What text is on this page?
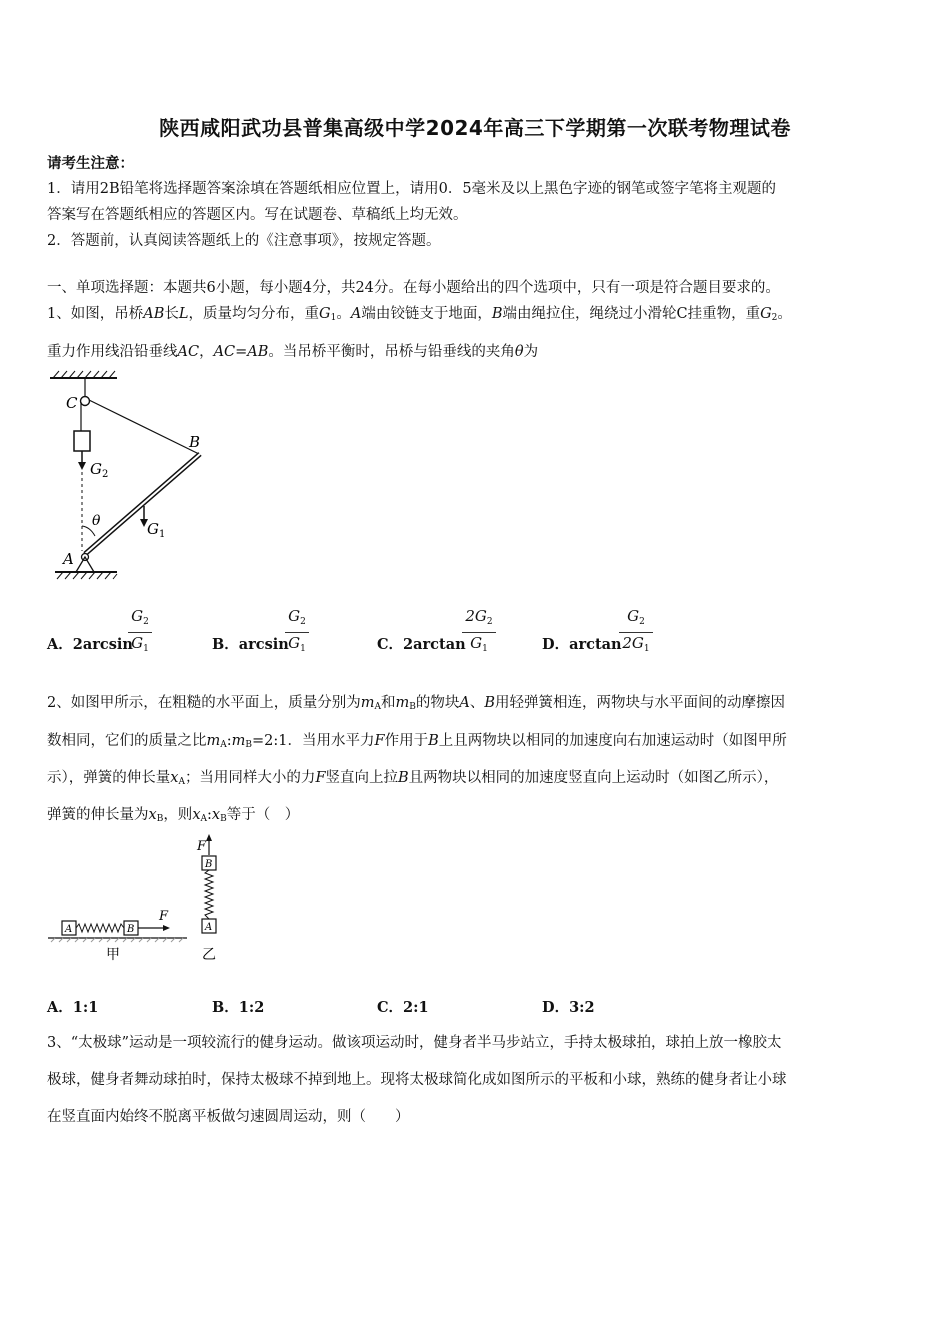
陕西咸阳武功县普集高级中学2024年高三下学期第一次联考物理试卷
请考生注意：
1．请用2B铅笔将选择题答案涂填在答题纸相应位置上，请用0．5毫米及以上黑色字迹的钢笔或签字笔将主观题的
答案写在答题纸相应的答题区内。写在试题卷、草稿纸上均无效。
2．答题前，认真阅读答题纸上的《注意事项》，按规定答题。
一、单项选择题：本题共6小题，每小题4分，共24分。在每小题给出的四个选项中，只有一项是符合题目要求的。
1、如图，吊桥AB长L，质量均匀分布，重$G_1$。A端由铰链支于地面，B端由绳拉住，绳绕过小滑轮C挂重物，重$G_2$。
重力作用线沿铅垂线AC，AC=AB。当吊桥平衡时，吊桥与铅垂线的夹角θ为
C
B
$G_2$
$G_1$
θ
A
A．2arcsin
$G_2$
$G_1$	B．arcsin
$G_2$
$G_1$	C．2arctan
$2G_2$
$G_1$	D．arctan
$G_2$
$2G_1$
2、如图甲所示，在粗糙的水平面上，质量分别为$m_A$和$m_B$的物块A、B用轻弹簧相连，两物块与水平面间的动摩擦因
数相同，它们的质量之比$m_A:m_B=2:1$．当用水平力F作用于B上且两物块以相同的加速度向右加速运动时（如图甲所
示），弹簧的伸长量$x_A$；当用同样大小的力F竖直向上拉B且两物块以相同的加速度竖直向上运动时（如图乙所示），
弹簧的伸长量为$x_B$，则$x_A:x_B$等于（　）
A	B
F
甲
B
A
F
乙
A．1:1	B．1:2	C．2:1	D．3:2
3、“太极球”运动是一项较流行的健身运动。做该项运动时，健身者半马步站立，手持太极球拍，球拍上放一橡胶太
极球，健身者舞动球拍时，保持太极球不掉到地上。现将太极球简化成如图所示的平板和小球，熟练的健身者让小球
在竖直面内始终不脱离平板做匀速圆周运动，则（　　）
